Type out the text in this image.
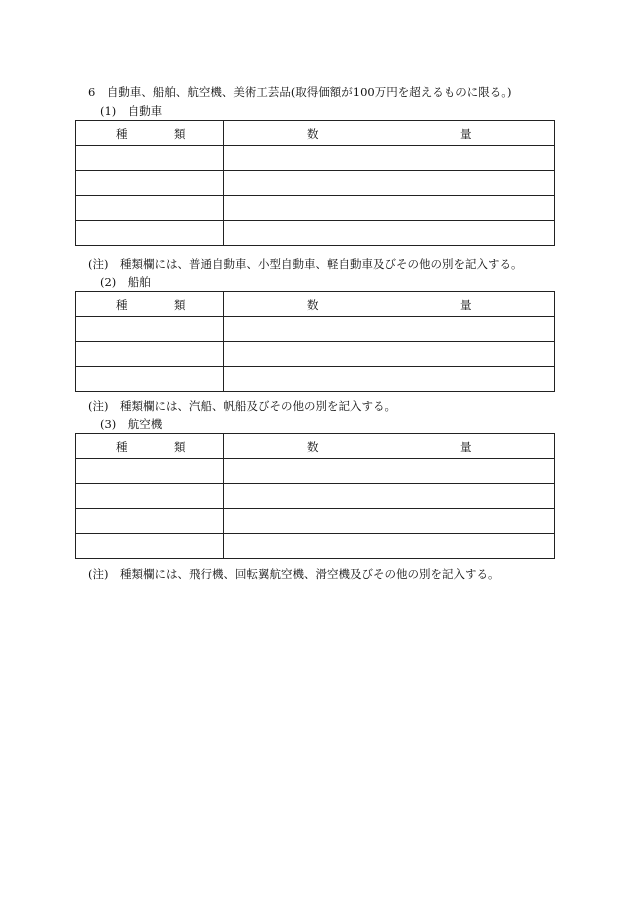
6　自動車、船舶、航空機、美術工芸品(取得価額が100万円を超えるものに限る。)
(1)　自動車
種 類	数 量

(注)　種類欄には、普通自動車、小型自動車、軽自動車及びその他の別を記入する。
(2)　船舶
種 類	数 量

(注)　種類欄には、汽船、帆船及びその他の別を記入する。
(3)　航空機
種 類	数 量

(注)　種類欄には、飛行機、回転翼航空機、滑空機及びその他の別を記入する。
